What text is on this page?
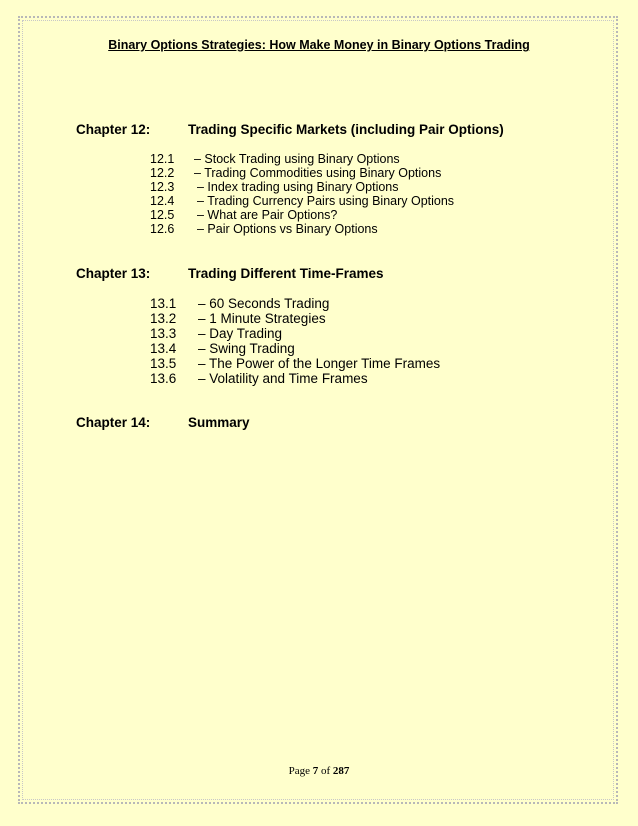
Binary Options Strategies: How Make Money in Binary Options Trading
Chapter 12:	Trading Specific Markets (including Pair Options)
12.1 – Stock Trading using Binary Options
12.2 – Trading Commodities using Binary Options
12.3 – Index trading using Binary Options
12.4 – Trading Currency Pairs using Binary Options
12.5 – What are Pair Options?
12.6 – Pair Options vs Binary Options
Chapter 13:	Trading Different Time-Frames
13.1 – 60 Seconds Trading
13.2 – 1 Minute Strategies
13.3 – Day Trading
13.4 – Swing Trading
13.5 – The Power of the Longer Time Frames
13.6 – Volatility and Time Frames
Chapter 14:	Summary
Page 7 of 287
